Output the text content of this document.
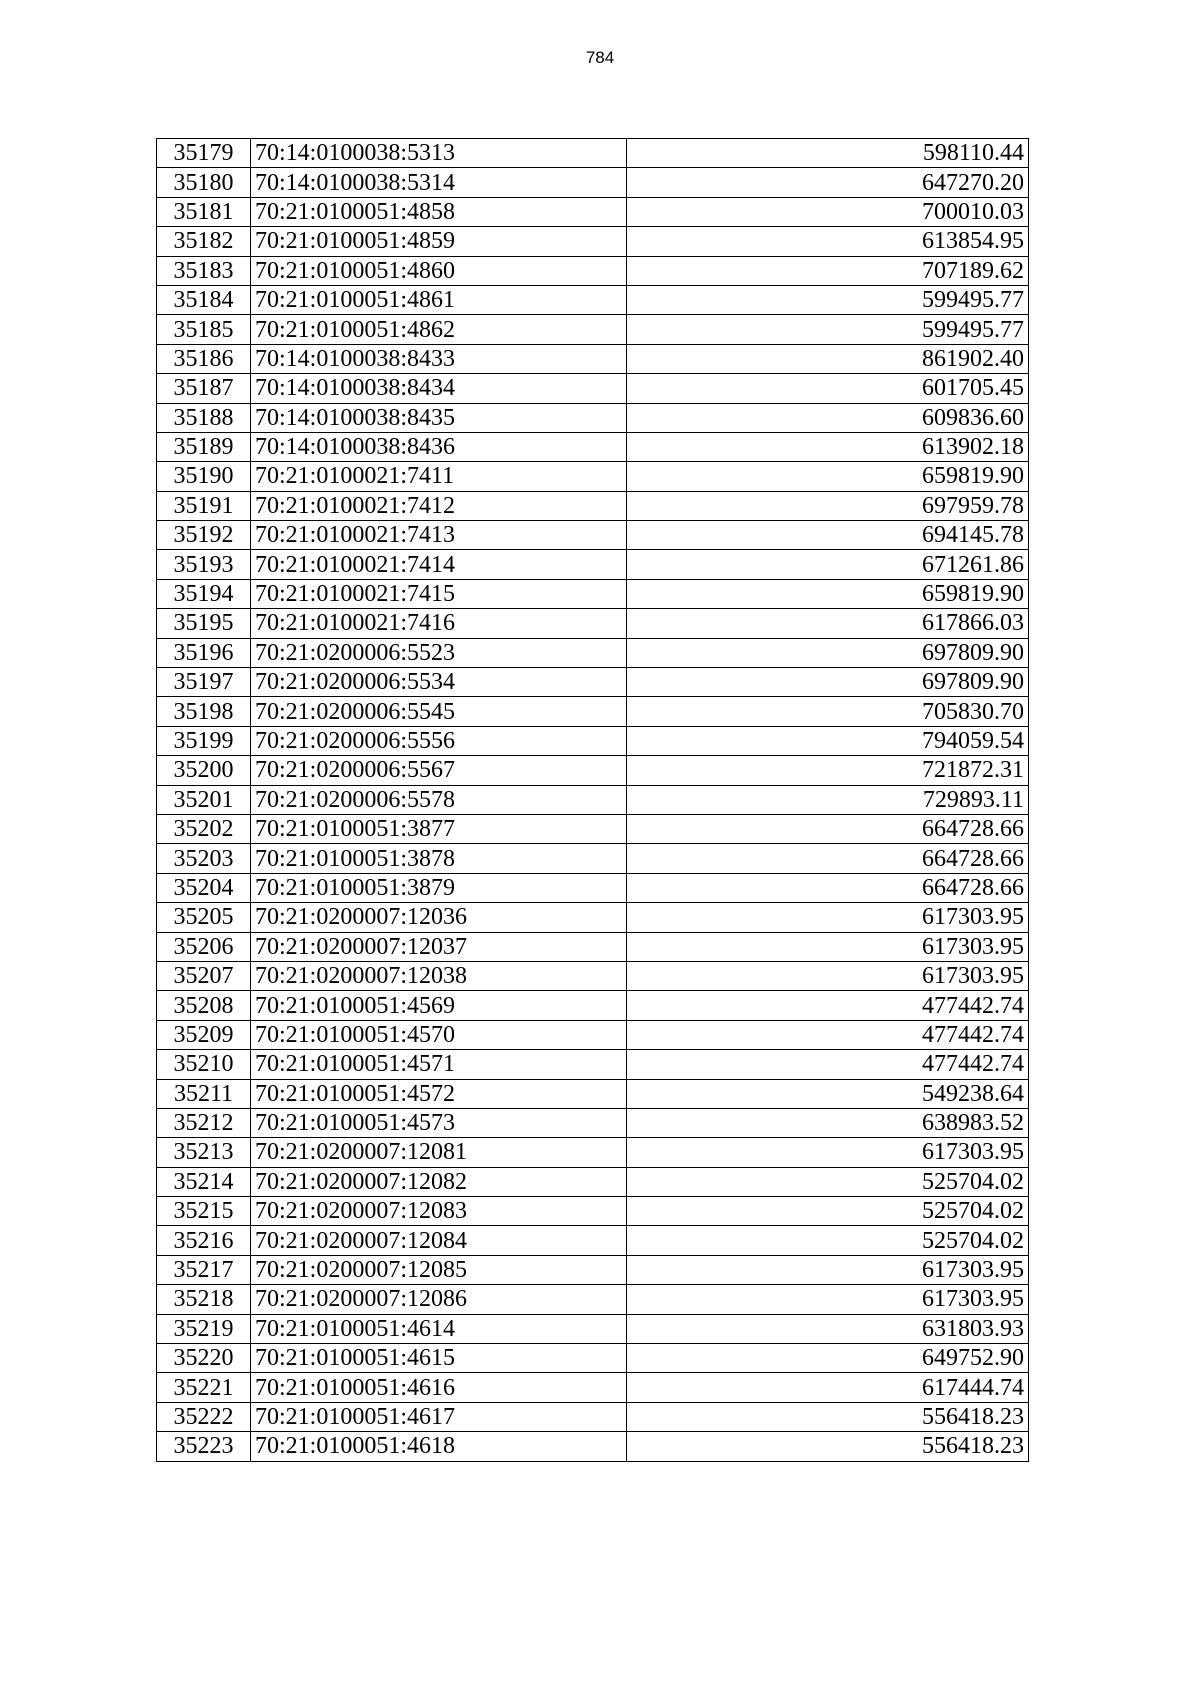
784
35179	70:14:0100038:5313	598110.44
35180	70:14:0100038:5314	647270.20
35181	70:21:0100051:4858	700010.03
35182	70:21:0100051:4859	613854.95
35183	70:21:0100051:4860	707189.62
35184	70:21:0100051:4861	599495.77
35185	70:21:0100051:4862	599495.77
35186	70:14:0100038:8433	861902.40
35187	70:14:0100038:8434	601705.45
35188	70:14:0100038:8435	609836.60
35189	70:14:0100038:8436	613902.18
35190	70:21:0100021:7411	659819.90
35191	70:21:0100021:7412	697959.78
35192	70:21:0100021:7413	694145.78
35193	70:21:0100021:7414	671261.86
35194	70:21:0100021:7415	659819.90
35195	70:21:0100021:7416	617866.03
35196	70:21:0200006:5523	697809.90
35197	70:21:0200006:5534	697809.90
35198	70:21:0200006:5545	705830.70
35199	70:21:0200006:5556	794059.54
35200	70:21:0200006:5567	721872.31
35201	70:21:0200006:5578	729893.11
35202	70:21:0100051:3877	664728.66
35203	70:21:0100051:3878	664728.66
35204	70:21:0100051:3879	664728.66
35205	70:21:0200007:12036	617303.95
35206	70:21:0200007:12037	617303.95
35207	70:21:0200007:12038	617303.95
35208	70:21:0100051:4569	477442.74
35209	70:21:0100051:4570	477442.74
35210	70:21:0100051:4571	477442.74
35211	70:21:0100051:4572	549238.64
35212	70:21:0100051:4573	638983.52
35213	70:21:0200007:12081	617303.95
35214	70:21:0200007:12082	525704.02
35215	70:21:0200007:12083	525704.02
35216	70:21:0200007:12084	525704.02
35217	70:21:0200007:12085	617303.95
35218	70:21:0200007:12086	617303.95
35219	70:21:0100051:4614	631803.93
35220	70:21:0100051:4615	649752.90
35221	70:21:0100051:4616	617444.74
35222	70:21:0100051:4617	556418.23
35223	70:21:0100051:4618	556418.23
